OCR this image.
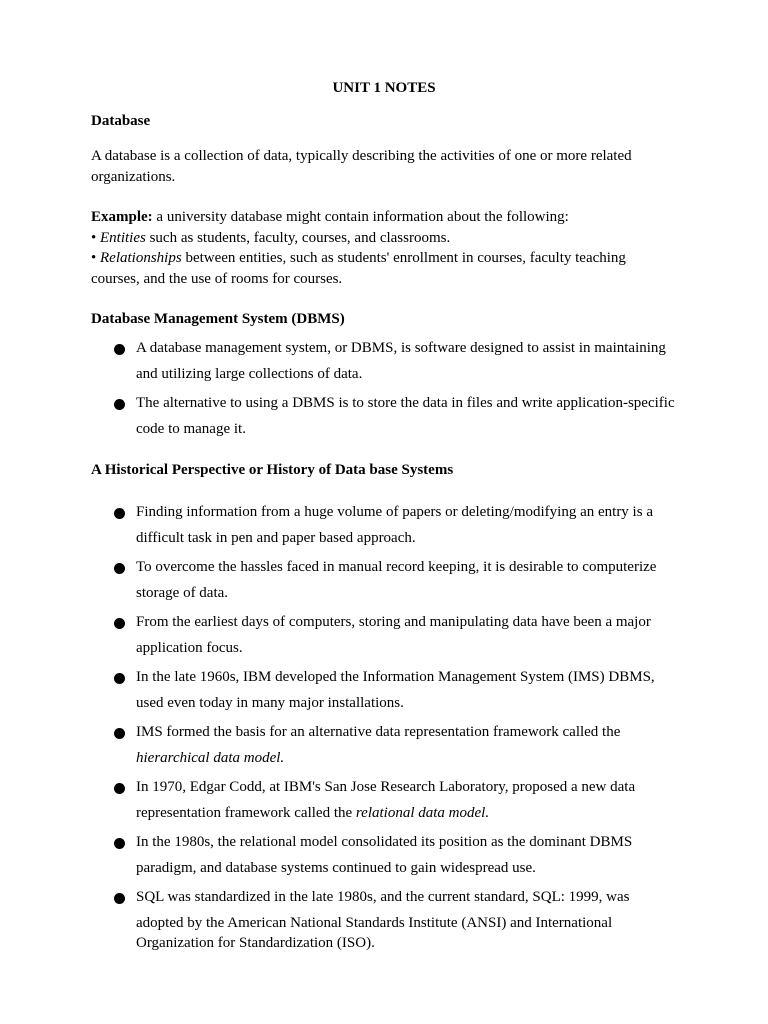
UNIT 1 NOTES

Database

A database is a collection of data, typically describing the activities of one or more related
organizations.

Example: a university database might contain information about the following:

• Entities such as students, faculty, courses, and classrooms.

• Relationships between entities, such as students' enrollment in courses, faculty teaching
courses, and the use of rooms for courses.

Database Management System (DBMS)

A database management system, or DBMS, is software designed to assist in maintaining
and utilizing large collections of data.
The alternative to using a DBMS is to store the data in files and write application-specific
code to manage it.

A Historical Perspective or History of Data base Systems

Finding information from a huge volume of papers or deleting/modifying an entry is a
difficult task in pen and paper based approach.
To overcome the hassles faced in manual record keeping, it is desirable to computerize
storage of data.
From the earliest days of computers, storing and manipulating data have been a major
application focus.
In the late 1960s, IBM developed the Information Management System (IMS) DBMS,
used even today in many major installations.
IMS formed the basis for an alternative data representation framework called the
hierarchical data model.
In 1970, Edgar Codd, at IBM's San Jose Research Laboratory, proposed a new data
representation framework called the relational data model.
In the 1980s, the relational model consolidated its position as the dominant DBMS
paradigm, and database systems continued to gain widespread use.
SQL was standardized in the late 1980s, and the current standard, SQL: 1999, was
adopted by the American National Standards Institute (ANSI) and International
Organization for Standardization (ISO).
